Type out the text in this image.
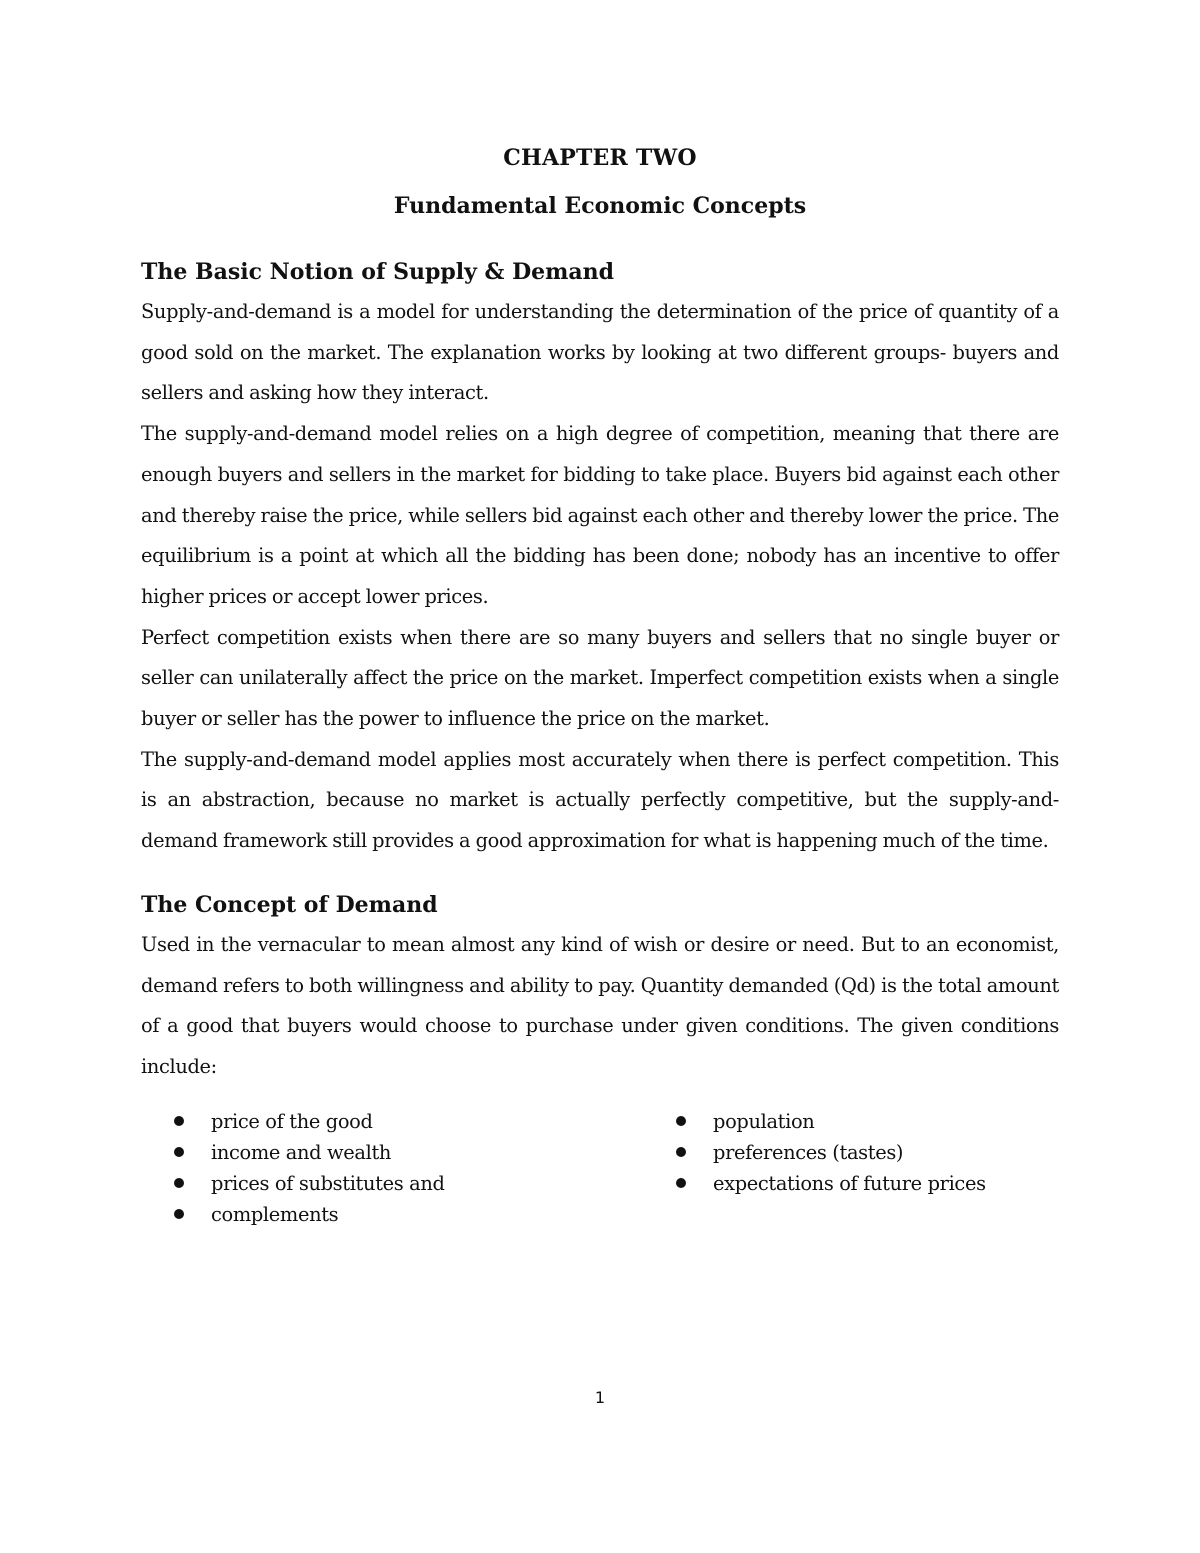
CHAPTER TWO
Fundamental Economic Concepts
The Basic Notion of Supply & Demand

Supply-and-demand is a model for understanding the determination of the price of quantity of a good sold on the market. The explanation works by looking at two different groups- buyers and sellers and asking how they interact.

The supply-and-demand model relies on a high degree of competition, meaning that there are enough buyers and sellers in the market for bidding to take place. Buyers bid against each other and thereby raise the price, while sellers bid against each other and thereby lower the price. The equilibrium is a point at which all the bidding has been done; nobody has an incentive to offer higher prices or accept lower prices.

Perfect competition exists when there are so many buyers and sellers that no single buyer or seller can unilaterally affect the price on the market. Imperfect competition exists when a single buyer or seller has the power to influence the price on the market.

The supply-and-demand model applies most accurately when there is perfect competition. This is an abstraction, because no market is actually perfectly competitive, but the supply-and-demand framework still provides a good approximation for what is happening much of the time.

The Concept of Demand

Used in the vernacular to mean almost any kind of wish or desire or need. But to an economist, demand refers to both willingness and ability to pay. Quantity demanded (Qd) is the total amount of a good that buyers would choose to purchase under given conditions. The given conditions include:

price of the good
income and wealth
prices of substitutes and
complements
population
preferences (tastes)
expectations of future prices
1
